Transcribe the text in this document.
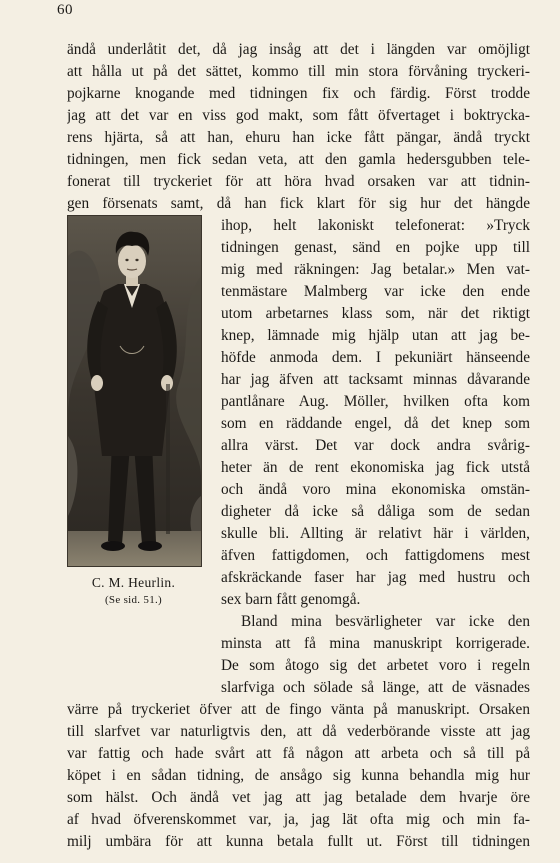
60
ändå underlåtit det, då jag insåg att det i längden var omöjligt
att hålla ut på det sättet, kommo till min stora förvåning tryckeri-
pojkarne knogande med tidningen fix och färdig. Först trodde
jag att det var en viss god makt, som fått öfvertaget i boktrycka-
rens hjärta, så att han, ehuru han icke fått pängar, ändå tryckt
tidningen, men fick sedan veta, att den gamla hedersgubben tele-
fonerat till tryckeriet för att höra hvad orsaken var att tidnin-
gen försenats samt, då han fick klart för sig hur det hängde
C. M. Heurlin.
(Se sid. 51.)
ihop, helt lakoniskt telefonerat: »Tryck
tidningen genast, sänd en pojke upp till
mig med räkningen: Jag betalar.» Men vat-
tenmästare Malmberg var icke den ende
utom arbetarnes klass som, när det riktigt
knep, lämnade mig hjälp utan att jag be-
höfde anmoda dem. I pekuniärt hänseende
har jag äfven att tacksamt minnas dåvarande
pantlånare Aug. Möller, hvilken ofta kom
som en räddande engel, då det knep som
allra värst. Det var dock andra svårig-
heter än de rent ekonomiska jag fick utstå
och ändå voro mina ekonomiska omstän-
digheter då icke så dåliga som de sedan
skulle bli. Allting är relativt här i världen,
äfven fattigdomen, och fattigdomens mest
afskräckande faser har jag med hustru och
sex barn fått genomgå.
Bland mina besvärligheter var icke den
minsta att få mina manuskript korrigerade.
De som åtogo sig det arbetet voro i regeln
slarfviga och sölade så länge, att de väsnades
värre på tryckeriet öfver att de fingo vänta på manuskript. Orsaken
till slarfvet var naturligtvis den, att då vederbörande visste att jag
var fattig och hade svårt att få någon att arbeta och så till på
köpet i en sådan tidning, de ansågo sig kunna behandla mig hur
som hälst. Och ändå vet jag att jag betalade dem hvarje öre
af hvad öfverenskommet var, ja, jag lät ofta mig och min fa-
milj umbära för att kunna betala fullt ut. Först till tidningen
